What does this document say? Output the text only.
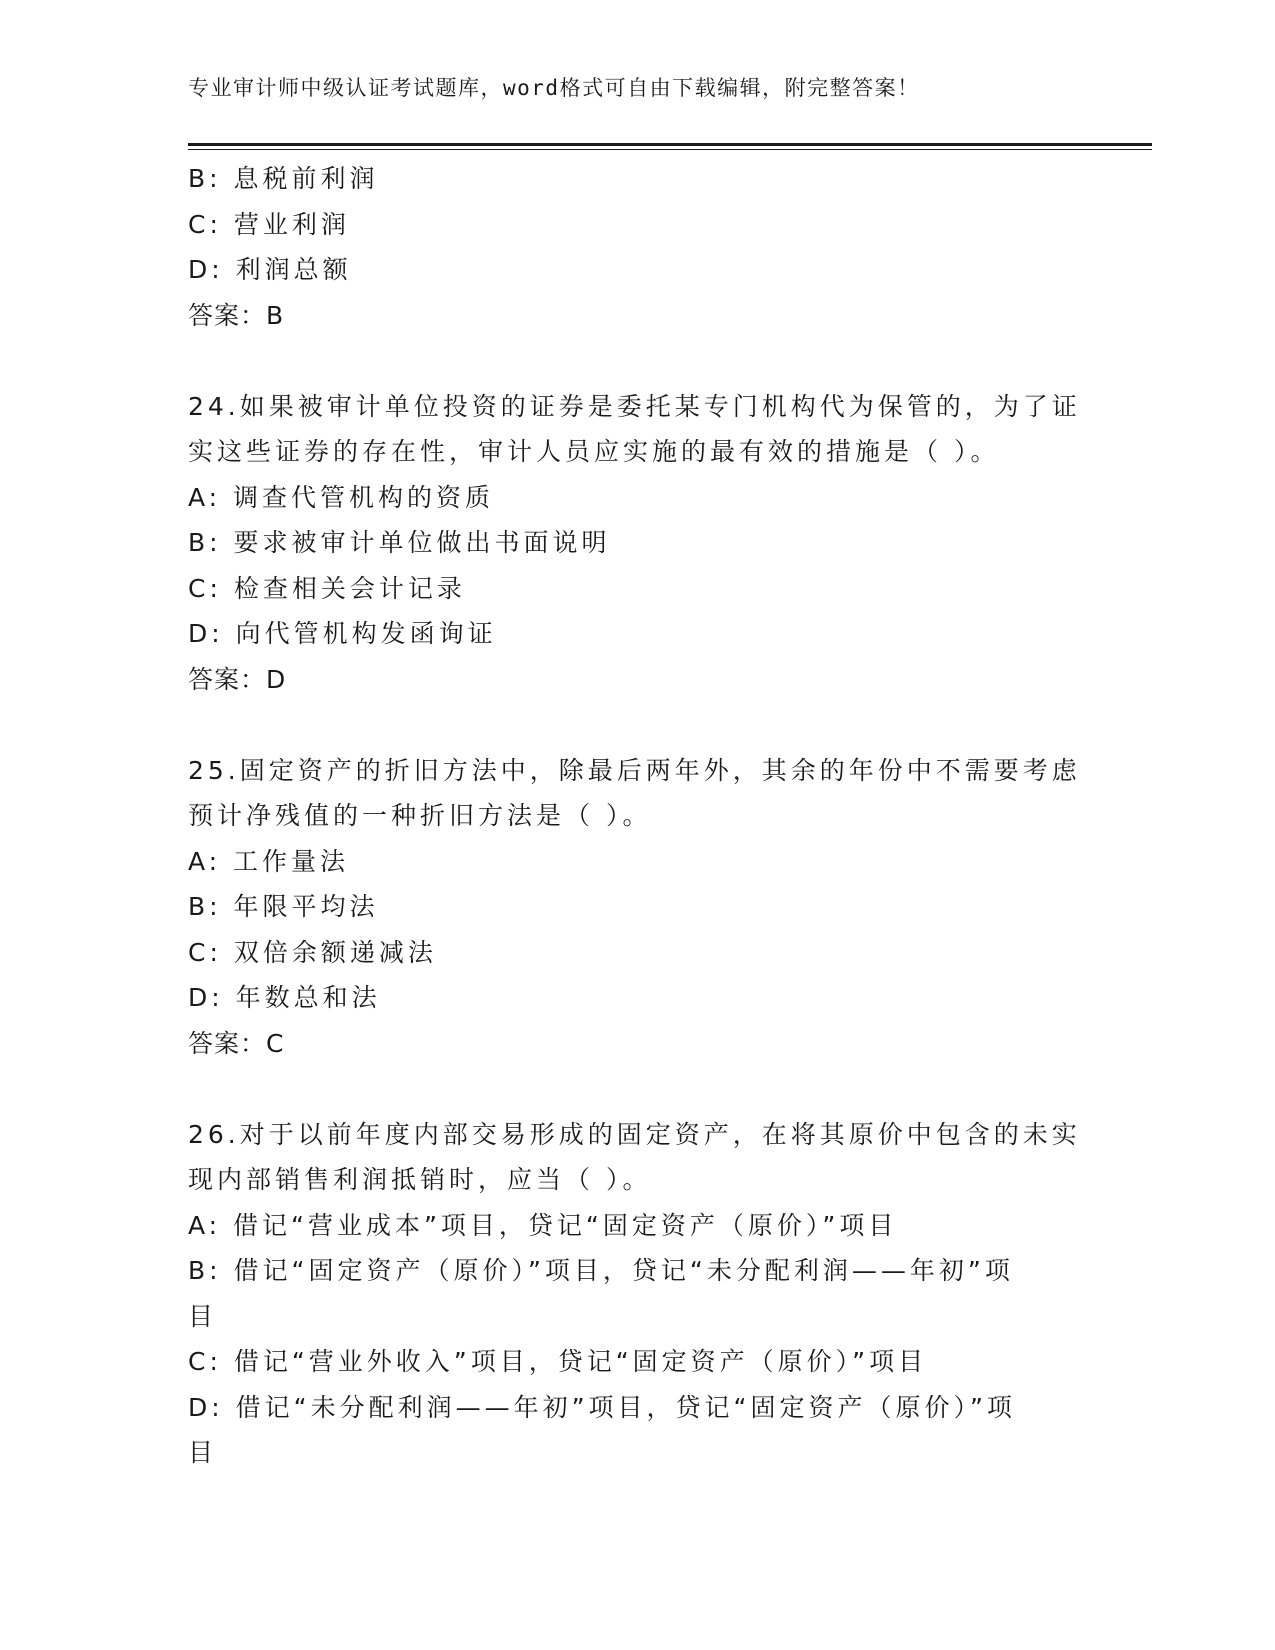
专业审计师中级认证考试题库，word格式可自由下载编辑，附完整答案！
B: 息税前利润
C: 营业利润
D: 利润总额
答案：B
24.如果被审计单位投资的证券是委托某专门机构代为保管的，为了证
实这些证券的存在性，审计人员应实施的最有效的措施是（ ）。
A: 调查代管机构的资质
B: 要求被审计单位做出书面说明
C: 检查相关会计记录
D: 向代管机构发函询证
答案：D
25.固定资产的折旧方法中，除最后两年外，其余的年份中不需要考虑
预计净残值的一种折旧方法是（ ）。
A: 工作量法
B: 年限平均法
C: 双倍余额递减法
D: 年数总和法
答案：C
26.对于以前年度内部交易形成的固定资产，在将其原价中包含的未实
现内部销售利润抵销时，应当（ ）。
A: 借记“营业成本”项目，贷记“固定资产（原价）”项目
B: 借记“固定资产（原价）”项目，贷记“未分配利润——年初”项
目
C: 借记“营业外收入”项目，贷记“固定资产（原价）”项目
D: 借记“未分配利润——年初”项目，贷记“固定资产（原价）”项
目
